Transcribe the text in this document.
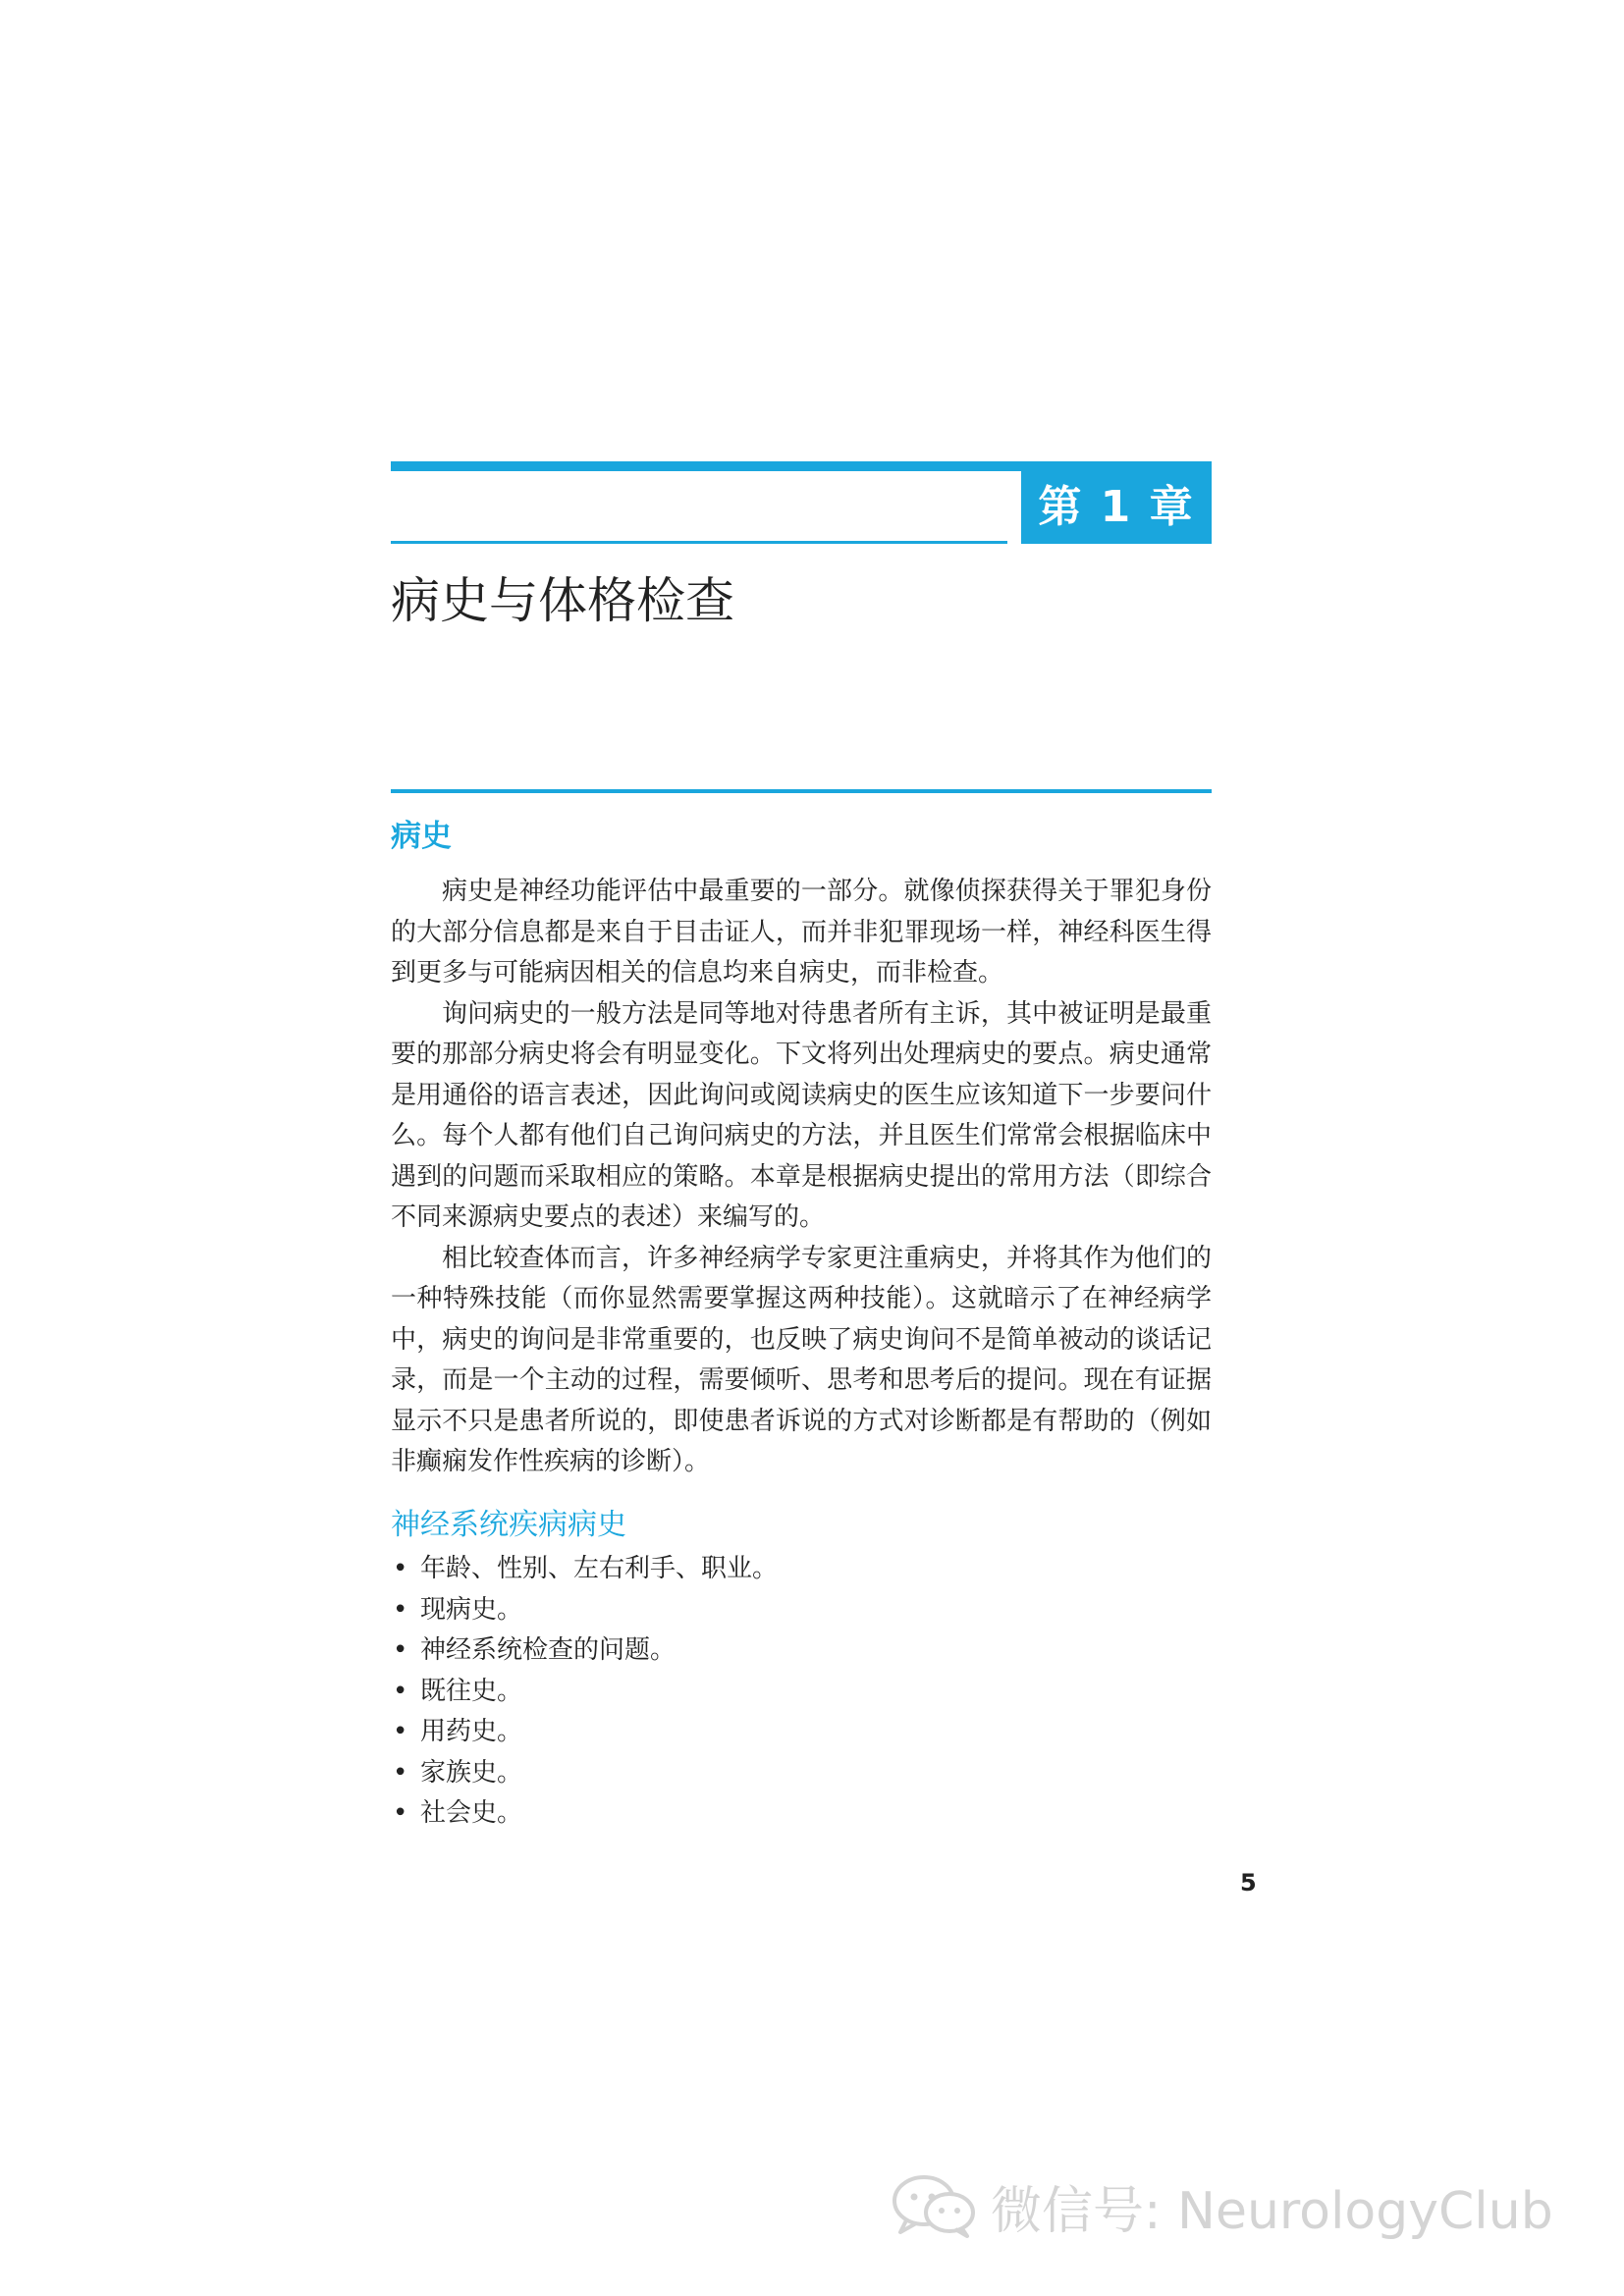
第 1 章
病史与体格检查
病史

病史是神经功能评估中最重要的一部分。就像侦探获得关于罪犯身份的大部分信息都是来自于目击证人，而并非犯罪现场一样，神经科医生得到更多与可能病因相关的信息均来自病史，而非检查。

询问病史的一般方法是同等地对待患者所有主诉，其中被证明是最重要的那部分病史将会有明显变化。下文将列出处理病史的要点。病史通常是用通俗的语言表述，因此询问或阅读病史的医生应该知道下一步要问什么。每个人都有他们自己询问病史的方法，并且医生们常常会根据临床中遇到的问题而采取相应的策略。本章是根据病史提出的常用方法（即综合不同来源病史要点的表述）来编写的。

相比较查体而言，许多神经病学专家更注重病史，并将其作为他们的一种特殊技能（而你显然需要掌握这两种技能）。这就暗示了在神经病学中，病史的询问是非常重要的，也反映了病史询问不是简单被动的谈话记录，而是一个主动的过程，需要倾听、思考和思考后的提问。现在有证据显示不只是患者所说的，即使患者诉说的方式对诊断都是有帮助的（例如非癫痫发作性疾病的诊断）。

神经系统疾病病史
• 年龄、性别、左右利手、职业。
• 现病史。
• 神经系统检查的问题。
• 既往史。
• 用药史。
• 家族史。
• 社会史。
5
微信号: NeurologyClub
